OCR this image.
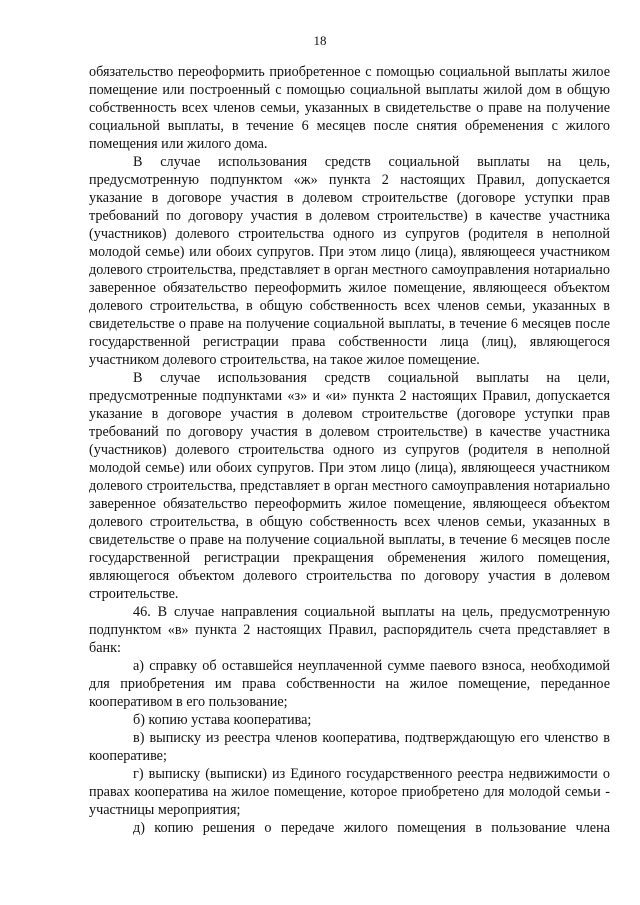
18

обязательство переоформить приобретенное с помощью социальной выплаты жилое помещение или построенный с помощью социальной выплаты жилой дом в общую собственность всех членов семьи, указанных в свидетельстве о праве на получение социальной выплаты, в течение 6 месяцев после снятия обременения с жилого помещения или жилого дома.

В случае использования средств социальной выплаты на цель, предусмотренную подпунктом «ж» пункта 2 настоящих Правил, допускается указание в договоре участия в долевом строительстве (договоре уступки прав требований по договору участия в долевом строительстве) в качестве участника (участников) долевого строительства одного из супругов (родителя в неполной молодой семье) или обоих супругов. При этом лицо (лица), являющееся участником долевого строительства, представляет в орган местного самоуправления нотариально заверенное обязательство переоформить жилое помещение, являющееся объектом долевого строительства, в общую собственность всех членов семьи, указанных в свидетельстве о праве на получение социальной выплаты, в течение 6 месяцев после государственной регистрации права собственности лица (лиц), являющегося участником долевого строительства, на такое жилое помещение.

В случае использования средств социальной выплаты на цели, предусмотренные подпунктами «з» и «и» пункта 2 настоящих Правил, допускается указание в договоре участия в долевом строительстве (договоре уступки прав требований по договору участия в долевом строительстве) в качестве участника (участников) долевого строительства одного из супругов (родителя в неполной молодой семье) или обоих супругов. При этом лицо (лица), являющееся участником долевого строительства, представляет в орган местного самоуправления нотариально заверенное обязательство переоформить жилое помещение, являющееся объектом долевого строительства, в общую собственность всех членов семьи, указанных в свидетельстве о праве на получение социальной выплаты, в течение 6 месяцев после государственной регистрации прекращения обременения жилого помещения, являющегося объектом долевого строительства по договору участия в долевом строительстве.

46. В случае направления социальной выплаты на цель, предусмотренную подпунктом «в» пункта 2 настоящих Правил, распорядитель счета представляет в банк:

а) справку об оставшейся неуплаченной сумме паевого взноса, необходимой для приобретения им права собственности на жилое помещение, переданное кооперативом в его пользование;

б) копию устава кооператива;

в) выписку из реестра членов кооператива, подтверждающую его членство в кооперативе;

г) выписку (выписки) из Единого государственного реестра недвижимости о правах кооператива на жилое помещение, которое приобретено для молодой семьи - участницы мероприятия;

д) копию решения о передаче жилого помещения в пользование члена
